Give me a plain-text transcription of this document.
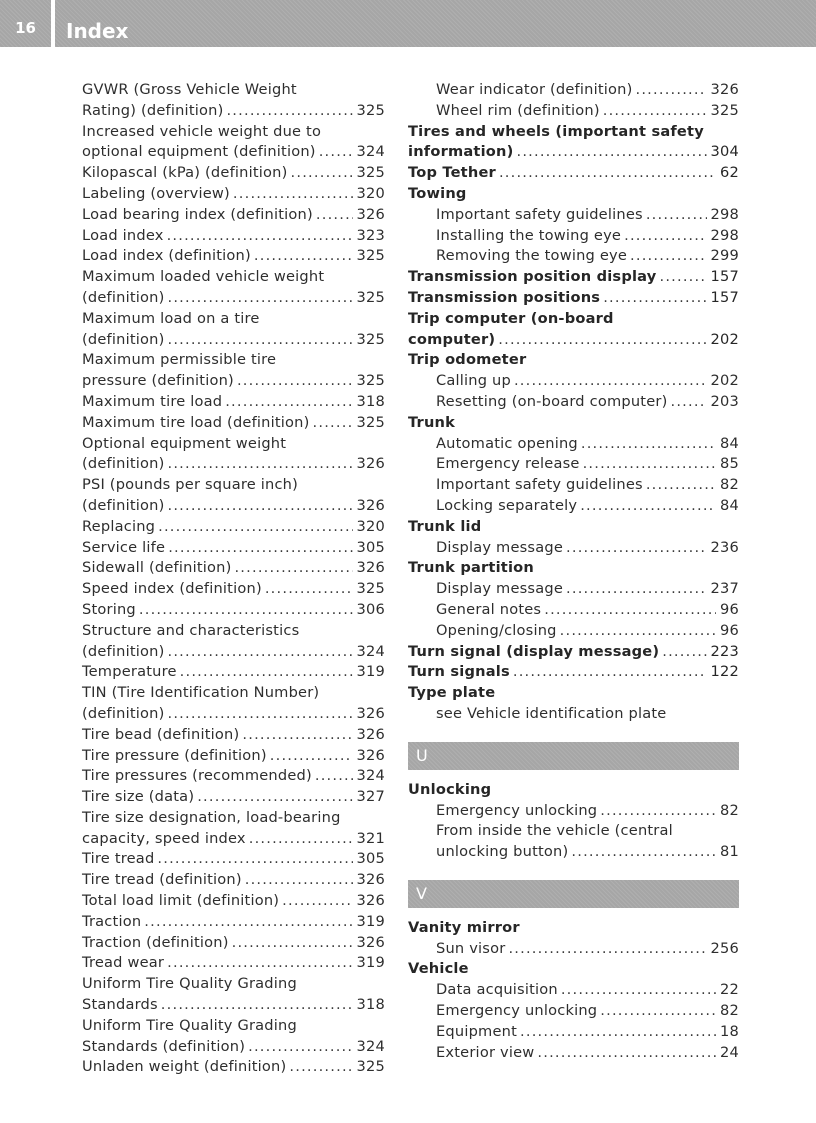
16	Index
GVWR (Gross Vehicle Weight
Rating) (definition) .....	325
Increased vehicle weight due to
optional equipment (definition) .....	324
Kilopascal (kPa) (definition) .....	325
Labeling (overview) .....	320
Load bearing index (definition) .....	326
Load index .....	323
Load index (definition) .....	325
Maximum loaded vehicle weight
(definition) .....	325
Maximum load on a tire
(definition) .....	325
Maximum permissible tire
pressure (definition) .....	325
Maximum tire load .....	318
Maximum tire load (definition) .....	325
Optional equipment weight
(definition) .....	326
PSI (pounds per square inch)
(definition) .....	326
Replacing .....	320
Service life .....	305
Sidewall (definition) .....	326
Speed index (definition) .....	325
Storing .....	306
Structure and characteristics
(definition) .....	324
Temperature .....	319
TIN (Tire Identification Number)
(definition) .....	326
Tire bead (definition) .....	326
Tire pressure (definition) .....	326
Tire pressures (recommended) .....	324
Tire size (data) .....	327
Tire size designation, load-bearing
capacity, speed index .....	321
Tire tread .....	305
Tire tread (definition) .....	326
Total load limit (definition) .....	326
Traction .....	319
Traction (definition) .....	326
Tread wear .....	319
Uniform Tire Quality Grading
Standards .....	318
Uniform Tire Quality Grading
Standards (definition) .....	324
Unladen weight (definition) .....	325
Wear indicator (definition) .....	326
Wheel rim (definition) .....	325
Tires and wheels (important safety
information) .....	304
Top Tether .....	62
Towing
Important safety guidelines .....	298
Installing the towing eye .....	298
Removing the towing eye .....	299
Transmission position display .....	157
Transmission positions .....	157
Trip computer (on-board
computer) .....	202
Trip odometer
Calling up .....	202
Resetting (on-board computer) .....	203
Trunk
Automatic opening .....	84
Emergency release .....	85
Important safety guidelines .....	82
Locking separately .....	84
Trunk lid
Display message .....	236
Trunk partition
Display message .....	237
General notes .....	96
Opening/closing .....	96
Turn signal (display message) .....	223
Turn signals .....	122
Type plate
see Vehicle identification plate
U
Unlocking
Emergency unlocking .....	82
From inside the vehicle (central
unlocking button) .....	81
V
Vanity mirror
Sun visor .....	256
Vehicle
Data acquisition .....	22
Emergency unlocking .....	82
Equipment .....	18
Exterior view .....	24
